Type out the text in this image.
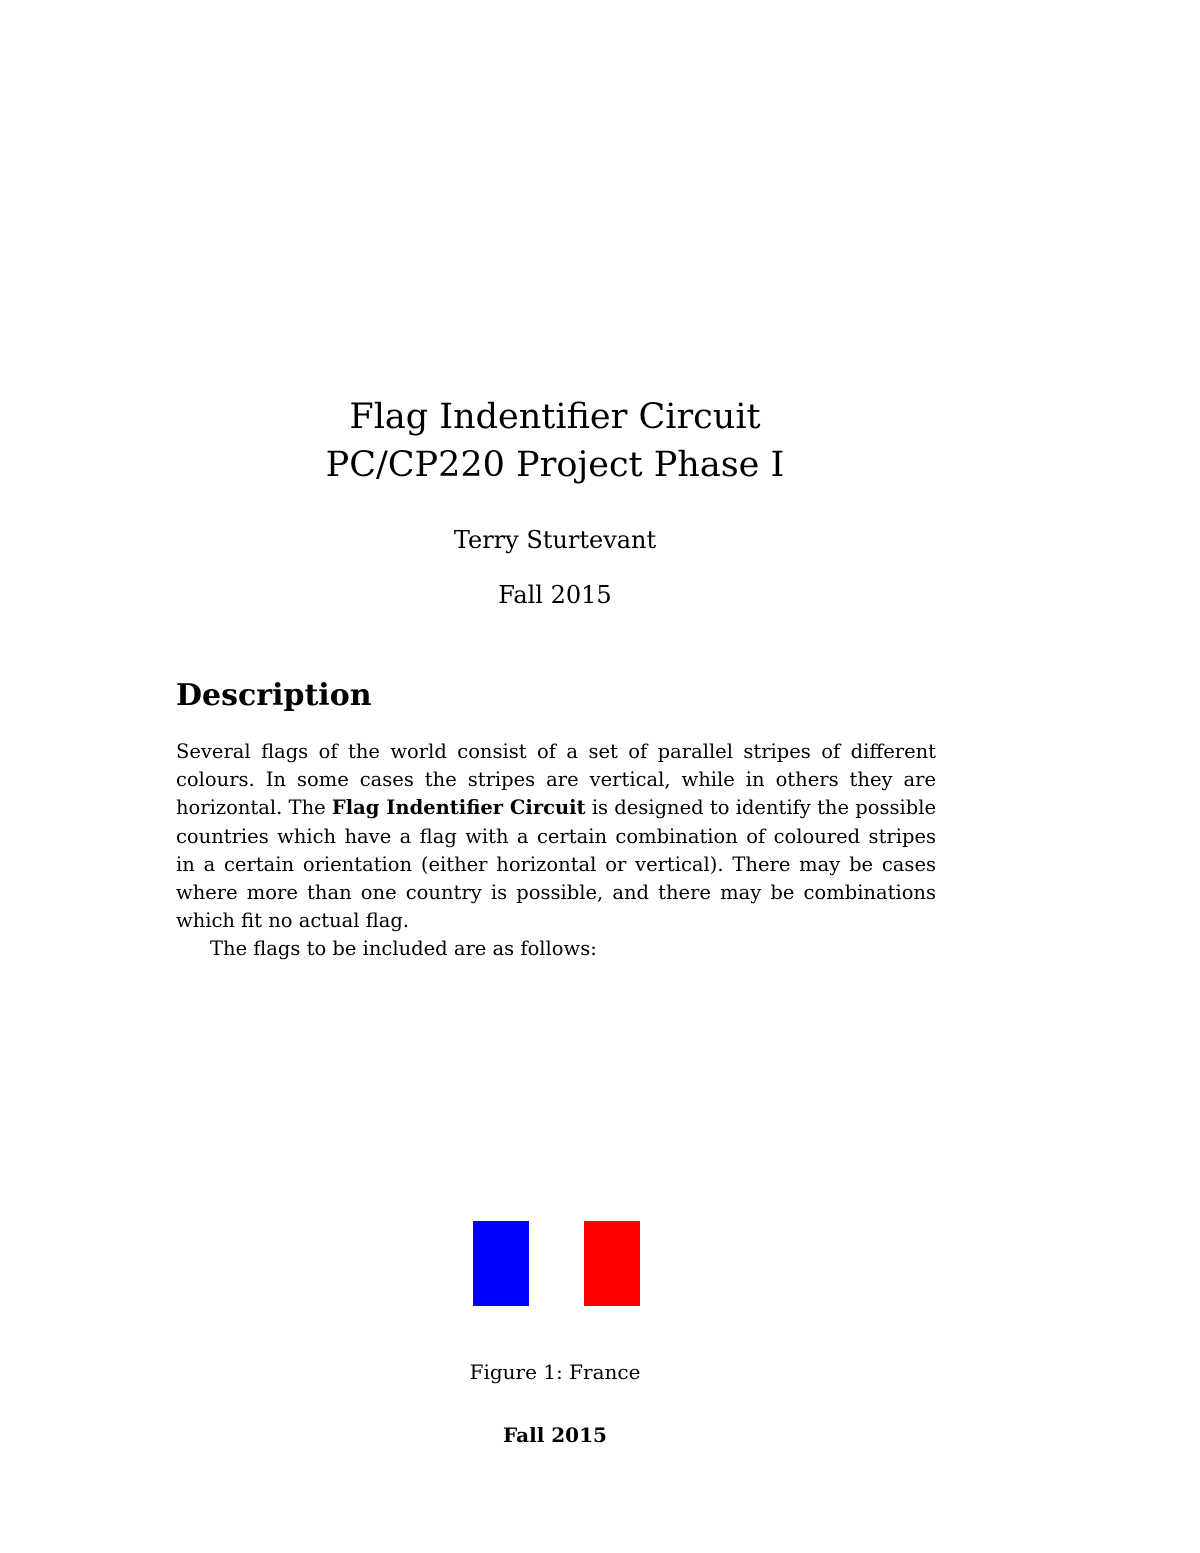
Flag Indentifier Circuit
PC/CP220 Project Phase I
Terry Sturtevant
Fall 2015
Description
Several flags of the world consist of a set of parallel stripes of different colours. In some cases the stripes are vertical, while in others they are horizontal. The Flag Indentifier Circuit is designed to identify the possible countries which have a flag with a certain combination of coloured stripes in a certain orientation (either horizontal or vertical). There may be cases where more than one country is possible, and there may be combinations which fit no actual flag.
The flags to be included are as follows:
Figure 1: France
Fall 2015
